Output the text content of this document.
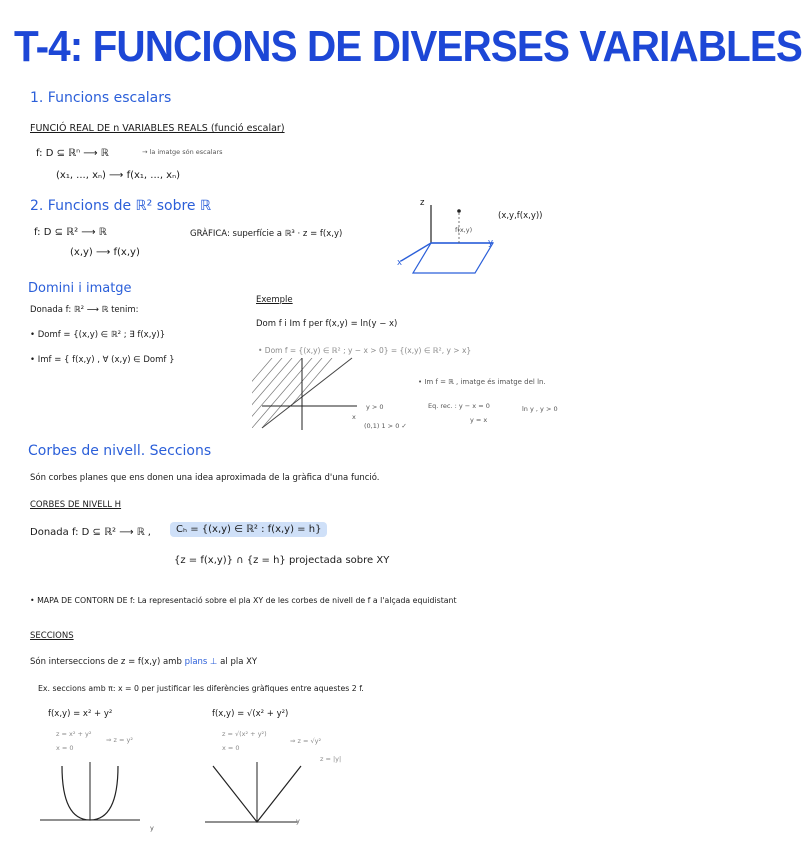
T-4: FUNCIONS DE DIVERSES VARIABLES
1. Funcions escalars
FUNCIÓ REAL DE n VARIABLES REALS (funció escalar)
f: D ⊆ ℝⁿ ⟶ ℝ	→ la imatge són escalars
(x₁, ..., xₙ) ⟶ f(x₁, ..., xₙ)
2. Funcions de ℝ² sobre ℝ
f: D ⊆ ℝ² ⟶ ℝ
(x,y) ⟶ f(x,y)
GRÀFICA: superfície a ℝ³ · z = f(x,y)
z
f(x,y)
(x,y,f(x,y))
x
y
Domini i imatge
Donada f: ℝ² ⟶ ℝ tenim:
• Domf = {(x,y) ∈ ℝ² ; ∃ f(x,y)}
• Imf = { f(x,y) , ∀ (x,y) ∈ Domf }
Exemple
Dom f i Im f per f(x,y) = ln(y − x)
• Dom f = {(x,y) ∈ ℝ² ; y − x > 0} = {(x,y) ∈ ℝ², y > x}
• Im f = ℝ , imatge és imatge del ln.
Eq. rec. : y − x = 0
y = x
ln y , y > 0
y > 0
x
(0,1) 1 > 0 ✓
Corbes de nivell. Seccions
Són corbes planes que ens donen una idea aproximada de la gràfica d'una funció.
CORBES DE NIVELL H
Donada f: D ⊆ ℝ² ⟶ ℝ ,	Cₕ = {(x,y) ∈ ℝ² : f(x,y) = h}
{z = f(x,y)} ∩ {z = h} projectada sobre XY
• MAPA DE CONTORN DE f: La representació sobre el pla XY de les corbes de nivell de f a l'alçada equidistant
SECCIONS
Són interseccions de z = f(x,y) amb plans ⊥ al pla XY
Ex. seccions amb π: x = 0 per justificar les diferències gràfiques entre aquestes 2 f.
f(x,y) = x² + y²
z = x² + y²
x = 0
⇒ z = y²
y
f(x,y) = √(x² + y²)
z = √(x² + y²)
x = 0
⇒ z = √y²
z = |y|
y
